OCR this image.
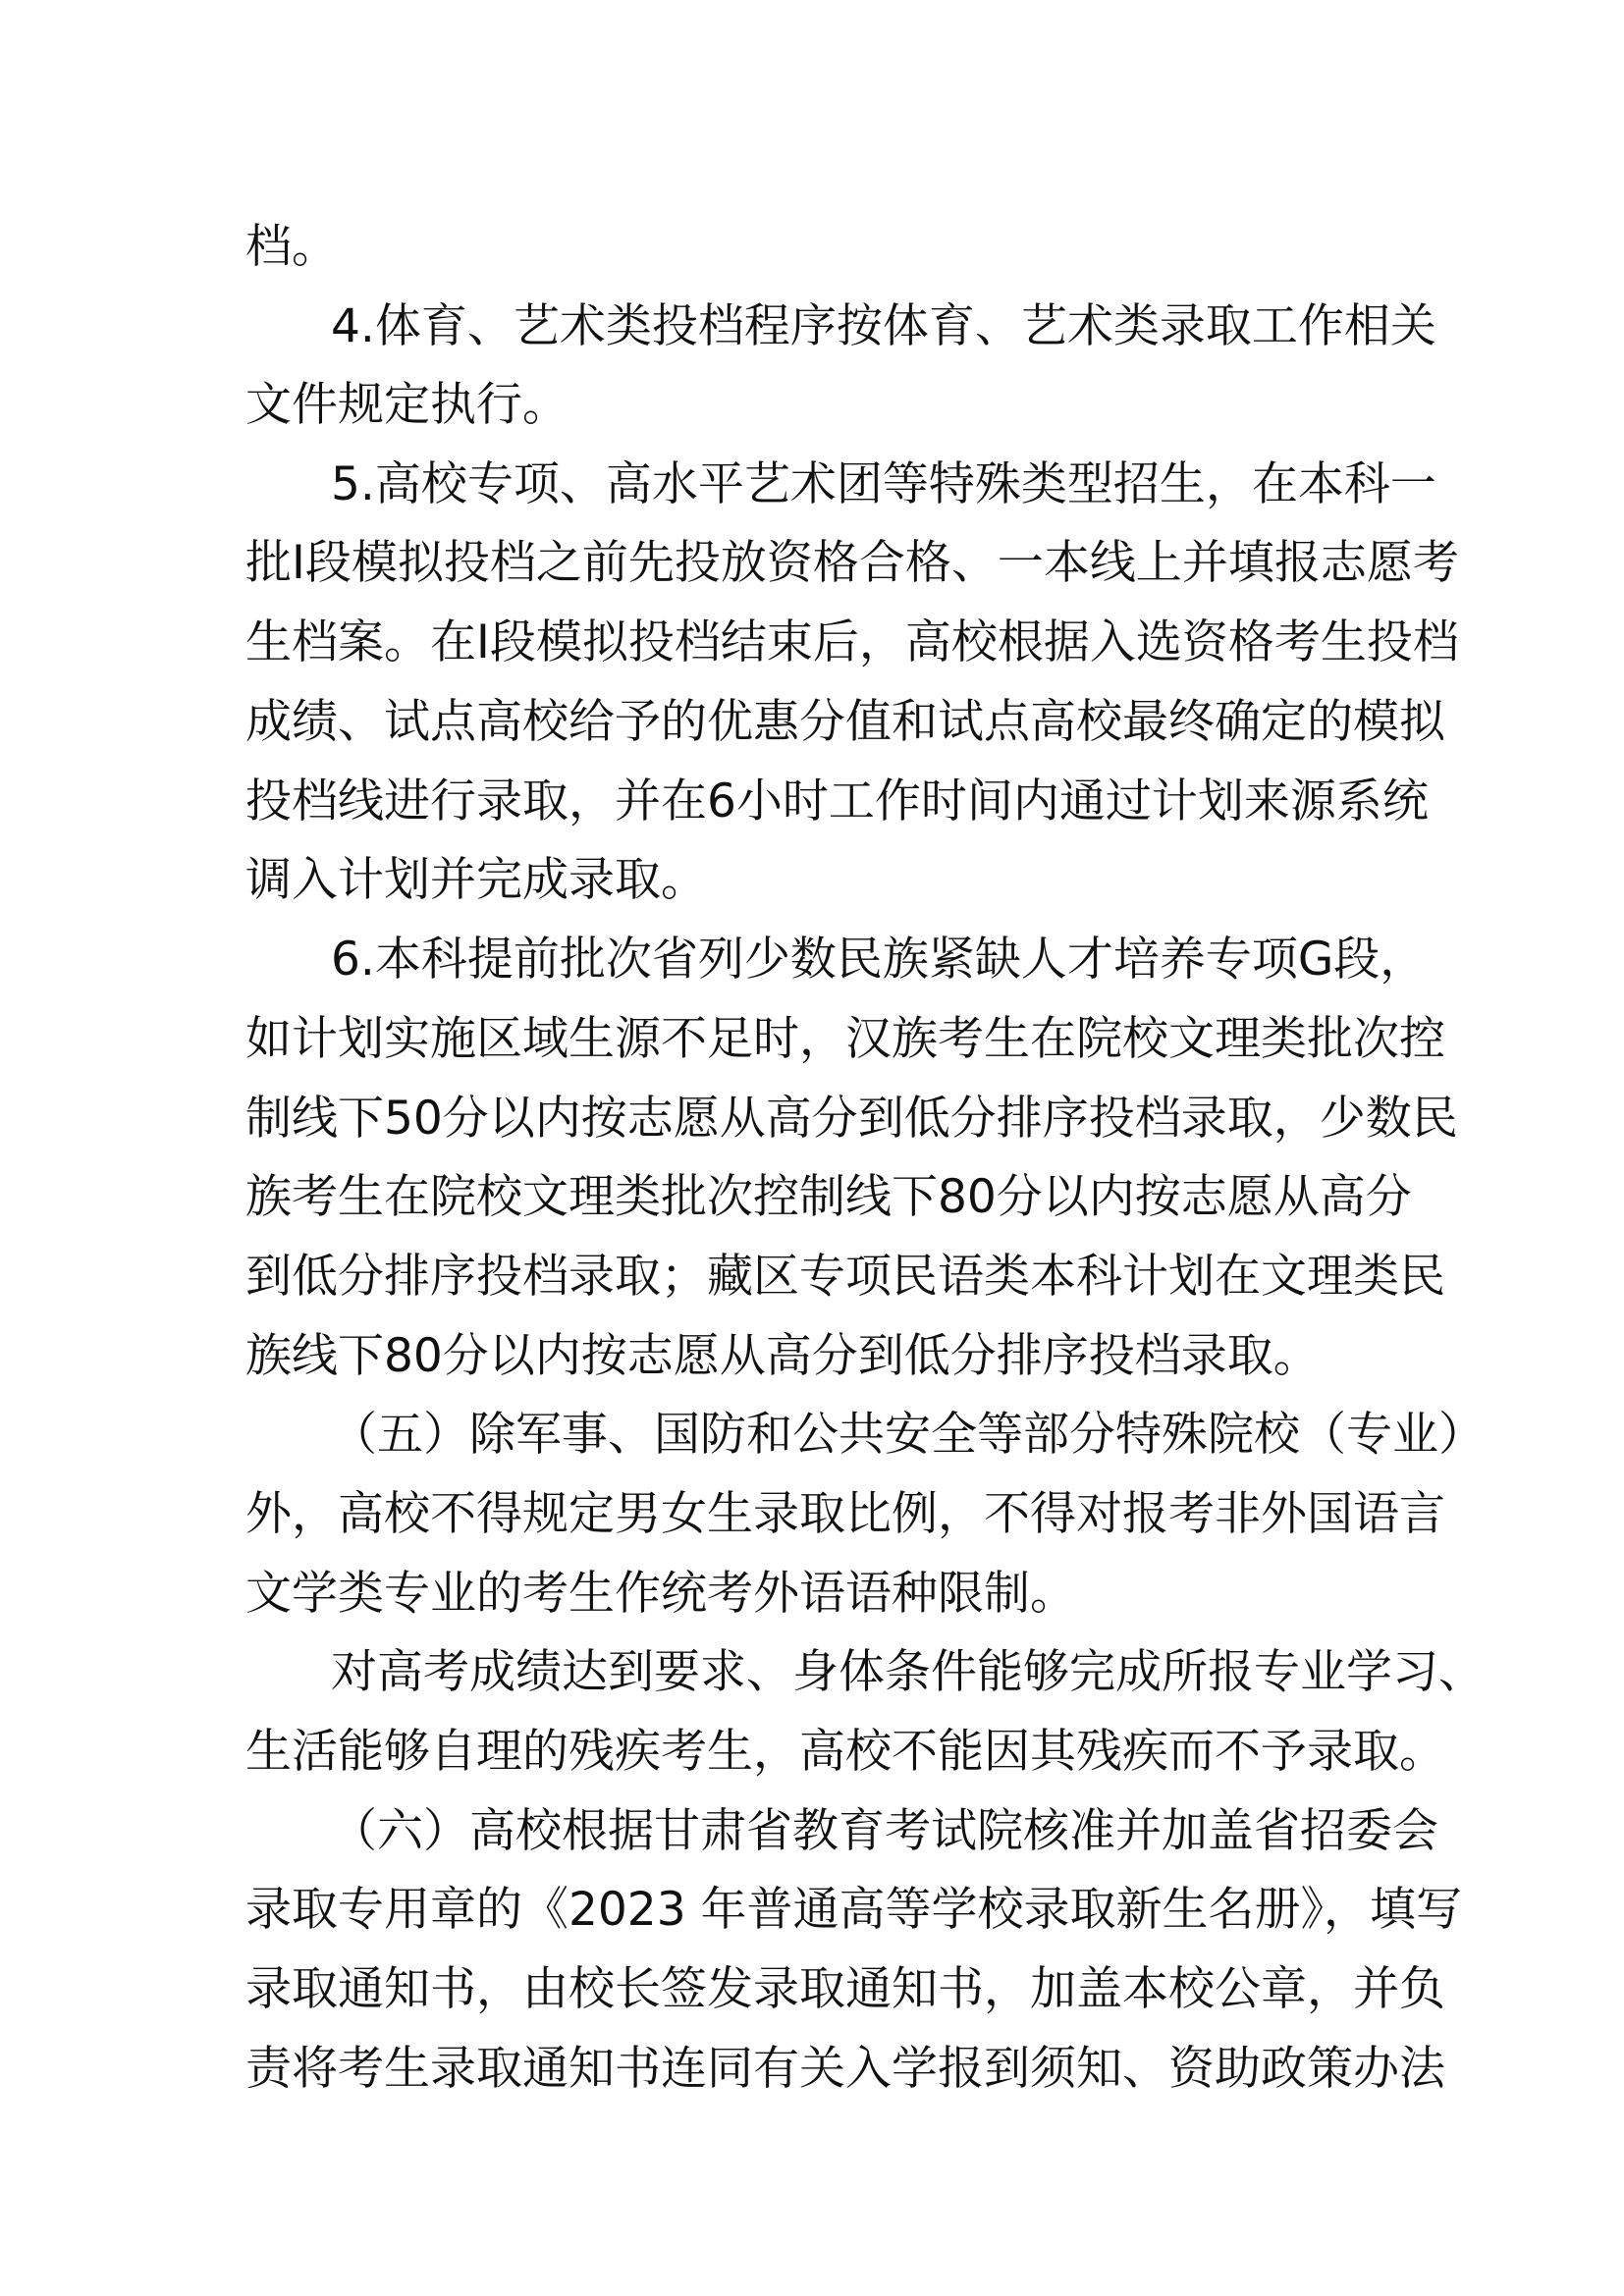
档。
4.体育、艺术类投档程序按体育、艺术类录取工作相关
文件规定执行。
5.高校专项、高水平艺术团等特殊类型招生，在本科一
批I段模拟投档之前先投放资格合格、一本线上并填报志愿考
生档案。在I段模拟投档结束后，高校根据入选资格考生投档
成绩、试点高校给予的优惠分值和试点高校最终确定的模拟
投档线进行录取，并在6小时工作时间内通过计划来源系统
调入计划并完成录取。
6.本科提前批次省列少数民族紧缺人才培养专项G段，
如计划实施区域生源不足时，汉族考生在院校文理类批次控
制线下50分以内按志愿从高分到低分排序投档录取，少数民
族考生在院校文理类批次控制线下80分以内按志愿从高分
到低分排序投档录取；藏区专项民语类本科计划在文理类民
族线下80分以内按志愿从高分到低分排序投档录取。
（五）除军事、国防和公共安全等部分特殊院校（专业）
外，高校不得规定男女生录取比例，不得对报考非外国语言
文学类专业的考生作统考外语语种限制。
对高考成绩达到要求、身体条件能够完成所报专业学习、
生活能够自理的残疾考生，高校不能因其残疾而不予录取。
（六）高校根据甘肃省教育考试院核准并加盖省招委会
录取专用章的《2023 年普通高等学校录取新生名册》，填写
录取通知书，由校长签发录取通知书，加盖本校公章，并负
责将考生录取通知书连同有关入学报到须知、资助政策办法
